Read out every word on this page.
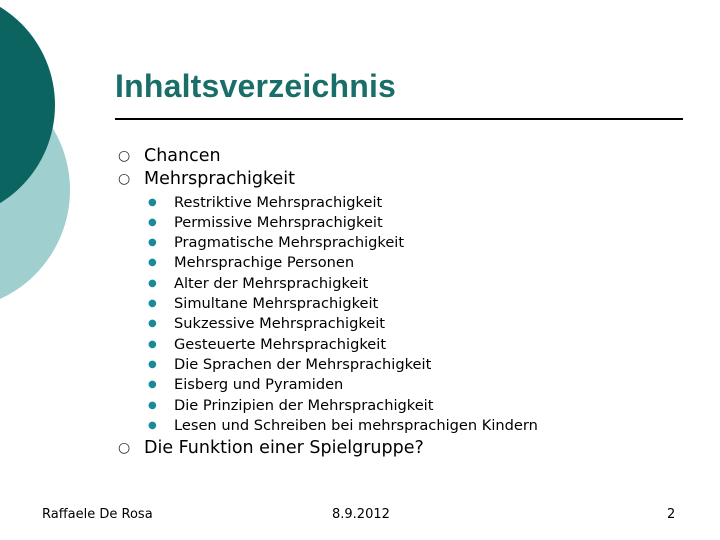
Inhaltsverzeichnis
○ Chancen
○ Mehrsprachigkeit
●	Restriktive Mehrsprachigkeit
●	Permissive Mehrsprachigkeit
●	Pragmatische Mehrsprachigkeit
●	Mehrsprachige Personen
●	Alter der Mehrsprachigkeit
●	Simultane Mehrsprachigkeit
●	Sukzessive Mehrsprachigkeit
●	Gesteuerte Mehrsprachigkeit
●	Die Sprachen der Mehrsprachigkeit
●	Eisberg und Pyramiden
●	Die Prinzipien der Mehrsprachigkeit
●	Lesen und Schreiben bei mehrsprachigen Kindern
○ Die Funktion einer Spielgruppe?
Raffaele De Rosa	8.9.2012	2
